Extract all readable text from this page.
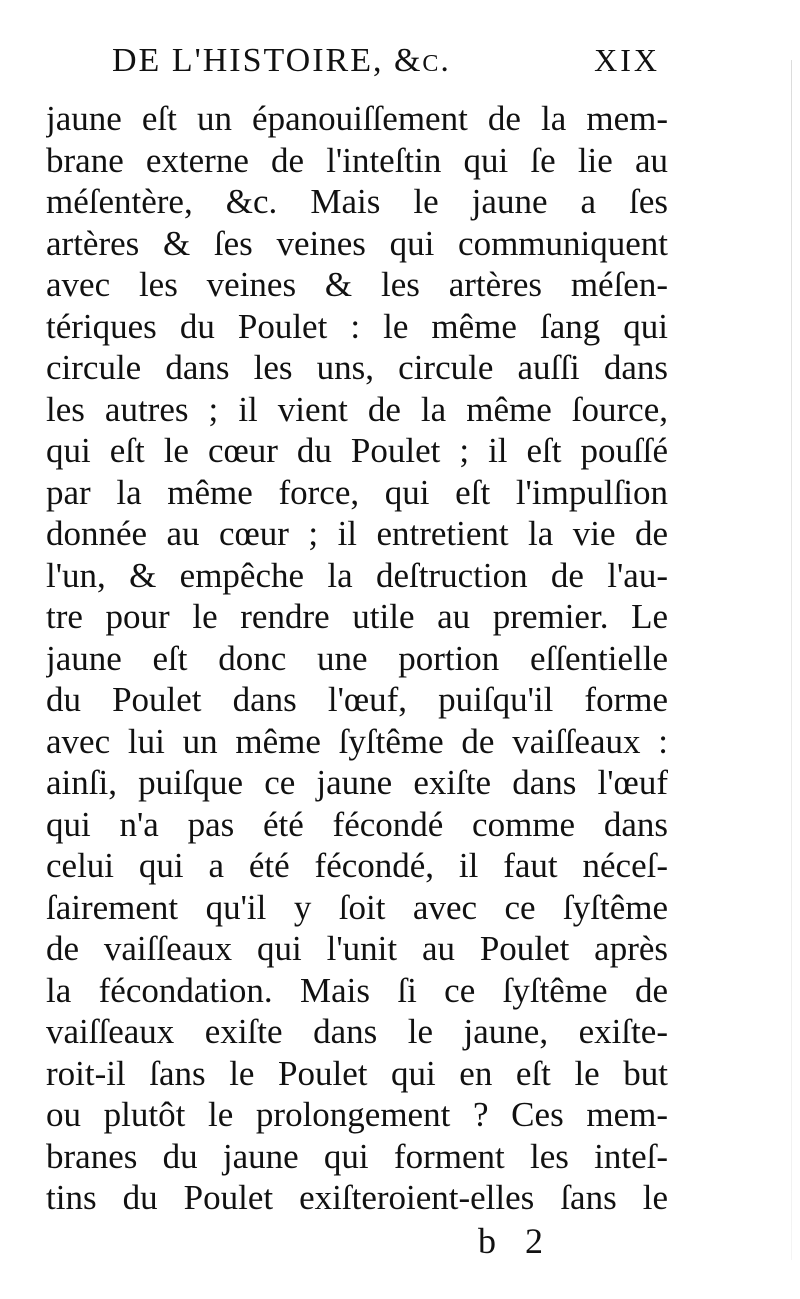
DE L'HISTOIRE, &c.	XIX
jaune eſt un épanouiſſement de la mem-
brane externe de l'inteſtin qui ſe lie au
méſentère, &c. Mais le jaune a ſes
artères & ſes veines qui communiquent
avec les veines & les artères méſen-
tériques du Poulet : le même ſang qui
circule dans les uns, circule auſſi dans
les autres ; il vient de la même ſource,
qui eſt le cœur du Poulet ; il eſt pouſſé
par la même force, qui eſt l'impulſion
donnée au cœur ; il entretient la vie de
l'un, & empêche la deſtruction de l'au-
tre pour le rendre utile au premier. Le
jaune eſt donc une portion eſſentielle
du Poulet dans l'œuf, puiſqu'il forme
avec lui un même ſyſtême de vaiſſeaux :
ainſi, puiſque ce jaune exiſte dans l'œuf
qui n'a pas été fécondé comme dans
celui qui a été fécondé, il faut néceſ-
ſairement qu'il y ſoit avec ce ſyſtême
de vaiſſeaux qui l'unit au Poulet après
la fécondation. Mais ſi ce ſyſtême de
vaiſſeaux exiſte dans le jaune, exiſte-
roit-il ſans le Poulet qui en eſt le but
ou plutôt le prolongement ? Ces mem-
branes du jaune qui forment les inteſ-
tins du Poulet exiſteroient-elles ſans le
b 2
